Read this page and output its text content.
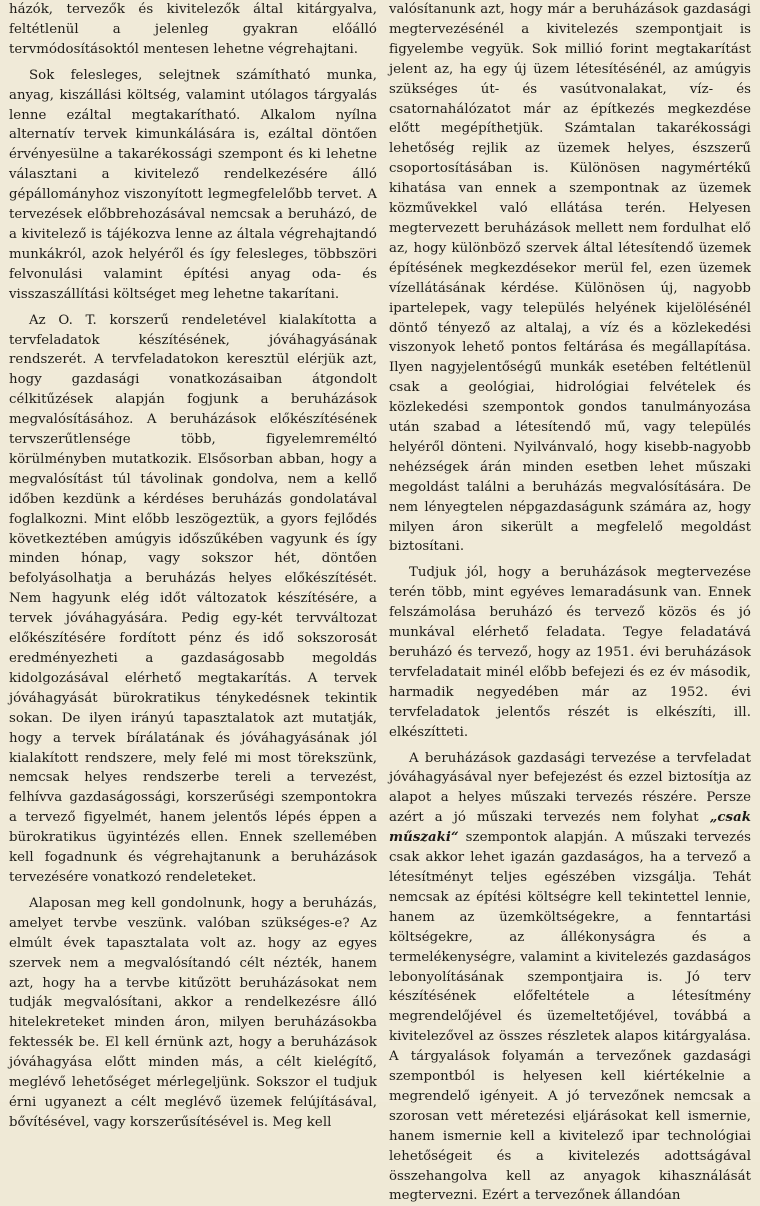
házók, tervezők és kivitelezők által kitárgyalva, feltétlenül a jelenleg gyakran előálló tervmódosításoktól mentesen lehetne végrehajtani.

Sok felesleges, selejtnek számítható munka, anyag, kiszállási költség, valamint utólagos tárgyalás lenne ezáltal megtakarítható. Alkalom nyílna alternatív tervek kimunkálására is, ezáltal döntően érvényesülne a takarékossági szempont és ki lehetne választani a kivitelező rendelkezésére álló gépállományhoz viszonyított legmegfelelőbb tervet. A tervezések előbbrehozásával nemcsak a beruházó, de a kivitelező is tájékozva lenne az általa végrehajtandó munkákról, azok helyéről és így felesleges, többszöri felvonulási valamint építési anyag oda- és visszaszállítási költséget meg lehetne takarítani.

Az O. T. korszerű rendeletével kialakította a tervfeladatok készítésének, jóváhagyásának rendszerét. A tervfeladatokon keresztül elérjük azt, hogy gazdasági vonatkozásaiban átgondolt célkitűzések alapján fogjunk a beruházások megvalósításához. A beruházások előkészítésének tervszerűtlensége több, figyelemreméltó körülményben mutatkozik. Elsősorban abban, hogy a megvalósítást túl távolinak gondolva, nem a kellő időben kezdünk a kérdéses beruházás gondolatával foglalkozni. Mint előbb leszögeztük, a gyors fejlődés következtében amúgyis időszűkében vagyunk és így minden hónap, vagy sokszor hét, döntően befolyásolhatja a beruházás helyes előkészítését. Nem hagyunk elég időt változatok készítésére, a tervek jóváhagyására. Pedig egy-két tervváltozat előkészítésére fordított pénz és idő sokszorosát eredményezheti a gazdaságosabb megoldás kidolgozásával elérhető megtakarítás. A tervek jóváhagyását bürokratikus ténykedésnek tekintik sokan. De ilyen irányú tapasztalatok azt mutatják, hogy a tervek bírálatának és jóváhagyásának jól kialakított rendszere, mely felé mi most törekszünk, nemcsak helyes rendszerbe tereli a tervezést, felhívva gazdaságossági, korszerűségi szempontokra a tervező figyelmét, hanem jelentős lépés éppen a bürokratikus ügyintézés ellen. Ennek szellemében kell fogadnunk és végrehajtanunk a beruházások tervezésére vonatkozó rendeleteket.

Alaposan meg kell gondolnunk, hogy a beruházás, amelyet tervbe veszünk. valóban szükséges-e? Az elmúlt évek tapasztalata volt az. hogy az egyes szervek nem a megvalósítandó célt nézték, hanem azt, hogy ha a tervbe kitűzött beruházásokat nem tudják megvalósítani, akkor a rendelkezésre álló hitelekreteket minden áron, milyen beruházásokba fektessék be. El kell érnünk azt, hogy a beruházások jóváhagyása előtt minden más, a célt kielégítő, meglévő lehetőséget mérlegeljünk. Sokszor el tudjuk érni ugyanezt a célt meglévő üzemek felújításával, bővítésével, vagy korszerűsítésével is. Meg kell

valósítanunk azt, hogy már a beruházások gazdasági megtervezésénél a kivitelezés szempontjait is figyelembe vegyük. Sok millió forint megtakarítást jelent az, ha egy új üzem létesítésénél, az amúgyis szükséges út- és vasútvonalakat, víz- és csatornahálózatot már az építkezés megkezdése előtt megépíthetjük. Számtalan takarékossági lehetőség rejlik az üzemek helyes, észszerű csoportosításában is. Különösen nagymértékű kihatása van ennek a szempontnak az üzemek közművekkel való ellátása terén. Helyesen megtervezett beruházások mellett nem fordulhat elő az, hogy különböző szervek által létesítendő üzemek építésének megkezdésekor merül fel, ezen üzemek vízellátásának kérdése. Különösen új, nagyobb ipartelepek, vagy település helyének kijelölésénél döntő tényező az altalaj, a víz és a közlekedési viszonyok lehető pontos feltárása és megállapítása. Ilyen nagyjelentőségű munkák esetében feltétlenül csak a geológiai, hidrológiai felvételek és közlekedési szempontok gondos tanulmányozása után szabad a létesítendő mű, vagy település helyéről dönteni. Nyilvánvaló, hogy kisebb-nagyobb nehézségek árán minden esetben lehet műszaki megoldást találni a beruházás megvalósítására. De nem lényegtelen népgazdaságunk számára az, hogy milyen áron sikerült a megfelelő megoldást biztosítani.

Tudjuk jól, hogy a beruházások megtervezése terén több, mint egyéves lemaradásunk van. Ennek felszámolása beruházó és tervező közös és jó munkával elérhető feladata. Tegye feladatává beruházó és tervező, hogy az 1951. évi beruházások tervfeladatait minél előbb befejezi és ez év második, harmadik negyedében már az 1952. évi tervfeladatok jelentős részét is elkészíti, ill. elkészítteti.

A beruházások gazdasági tervezése a tervfeladat jóváhagyásával nyer befejezést és ezzel biztosítja az alapot a helyes műszaki tervezés részére. Persze azért a jó műszaki tervezés nem folyhat „csak műszaki“ szempontok alapján. A műszaki tervezés csak akkor lehet igazán gazdaságos, ha a tervező a létesítményt teljes egészében vizsgálja. Tehát nemcsak az építési költségre kell tekintettel lennie, hanem az üzemköltségekre, a fenntartási költségekre, az állékonyságra és a termelékenységre, valamint a kivitelezés gazdaságos lebonyolításának szempontjaira is. Jó terv készítésének előfeltétele a létesítmény megrendelőjével és üzemeltetőjével, továbbá a kivitelezővel az összes részletek alapos kitárgyalása. A tárgyalások folyamán a tervezőnek gazdasági szempontból is helyesen kell kiértékelnie a megrendelő igényeit. A jó tervezőnek nemcsak a szorosan vett méretezési eljárásokat kell ismernie, hanem ismernie kell a kivitelező ipar technológiai lehetőségeit és a kivitelezés adottságával összehangolva kell az anyagok kihasználását megtervezni. Ezért a tervezőnek állandóan
